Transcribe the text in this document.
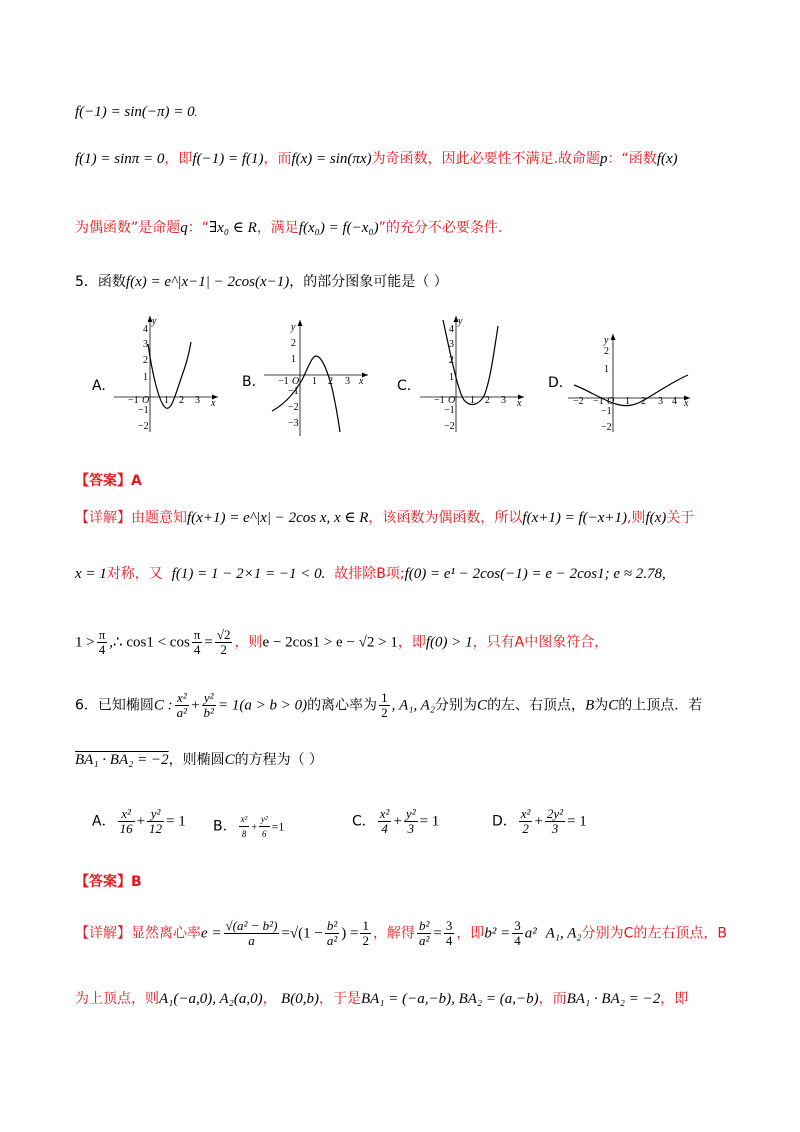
f(−1) = sin(−π) = 0.
f(1) = sinπ = 0，即f(−1) = f(1)，而f(x) = sin(πx)为奇函数，因此必要性不满足.故命题p：“函数f(x)
为偶函数”是命题q：“∃x₀ ∈ R，满足f(x₀) = f(−x₀)”的充分不必要条件.
5．函数f(x) = e^|x−1| − 2cos(x−1)，的部分图象可能是（ ）
A.	B.	C.	D.
y
x
4
3
2
1
−1 O 1 2 3
−1
−2
y
x
2
1
−1 O 1 2 3
−1
−2
−3
y
x
4
3
2
1
−1 O 1 2 3
−1
−2
y
x
2
1
−2 −1 O 1 2 3 4
−1
−2
【答案】A
【详解】由题意知f(x+1) = e^|x| − 2cos x, x ∈ R，该函数为偶函数，所以f(x+1) = f(−x+1),则f(x)关于
x = 1对称，又 f(1) = 1 − 2×1 = −1 < 0. 故排除B项;f(0) = e¹ − 2cos(−1) = e − 2cos1; e ≈ 2.78,
$1 > \frac{\pi}{4}$ ,∴ $\cos 1 < \cos \frac{\pi}{4} = \frac{√2}{2}$ ，则e − 2cos1 > e − √2 > 1，即f(0) > 1，只有A中图象符合，
6．已知椭圆C : $\frac{\text{x²}}{\text{a²}} + \frac{\text{y²}}{\text{b²}} = 1(a > b > 0)$的离心率为 $\frac{1}{2}$ , A₁, A₂分别为C的左、右顶点，B为C的上顶点．若
BA₁ · BA₂ = −2，则椭圆C的方程为（ ）
A． $\frac{\text{x²}}{16} + \frac{\text{y²}}{12} = 1$ B． $\frac{\text{x²}}{8} + \frac{\text{y²}}{6} =1$	C． $\frac{\text{x²}}{4} + \frac{\text{y²}}{3} = 1$	D． $\frac{\text{x²}}{2} + \frac{\text{2y²}}{3} = 1$
【答案】B
【详解】显然离心率$e = \frac{\text{√(a² − b²)}}{a} =√(1 - \frac{\text{b²}}{\text{a²}}$ ) = $\frac{1}{2}$ ，解得 $\frac{\text{b²}}{\text{a²}} = \frac{3}{4}$ ，即$b^2 = \frac{3}{4} a^2$ A₁, A₂分别为C的左右顶点，B
为上顶点，则A₁(−a,0), A₂(a,0)， B(0,b)，于是BA₁ = (−a,−b), BA₂ = (a,−b)，而BA₁ · BA₂ = −2，即
